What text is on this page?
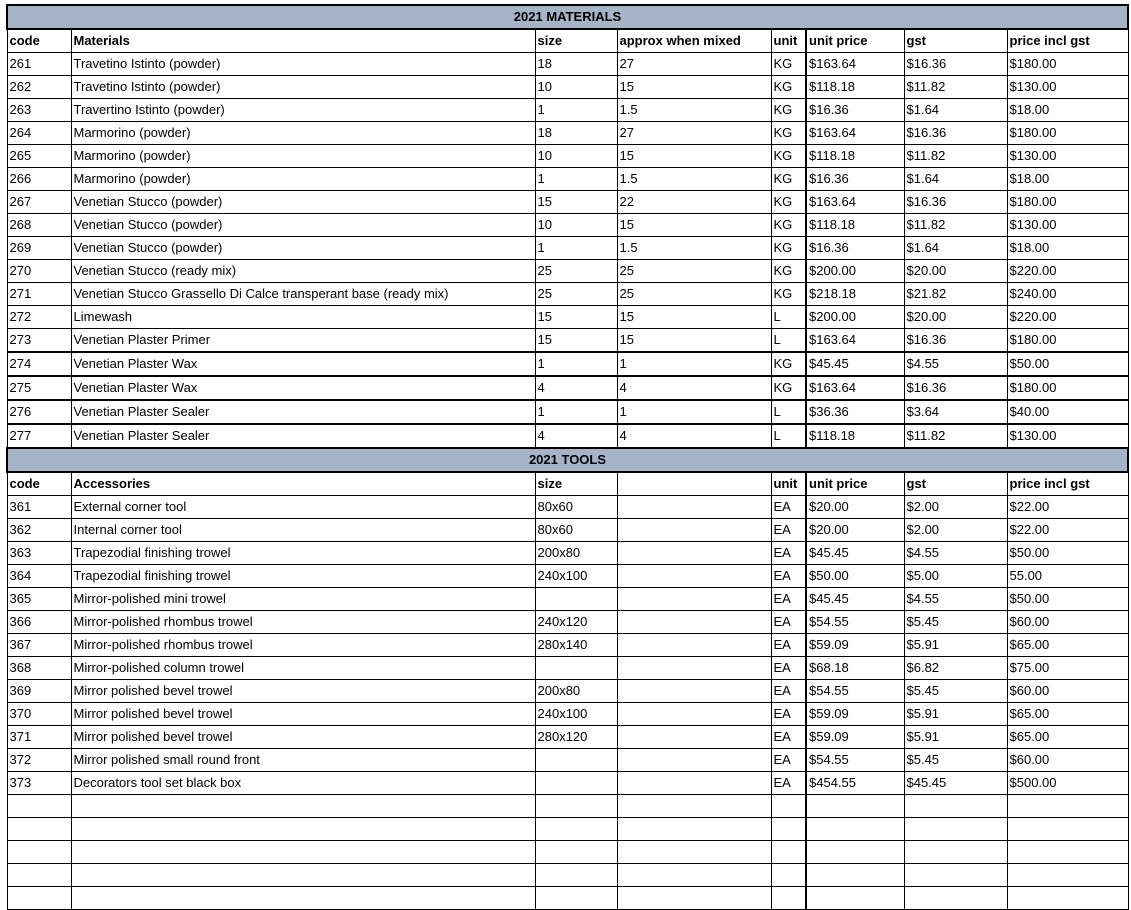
2021 MATERIALS							
code	Materials	size	approx when mixed	unit	unit price	gst	price incl gst
261	Travetino Istinto (powder)	18	27	KG	$163.64	$16.36	$180.00
262	Travetino Istinto (powder)	10	15	KG	$118.18	$11.82	$130.00
263	Travertino Istinto (powder)	1	1.5	KG	$16.36	$1.64	$18.00
264	Marmorino (powder)	18	27	KG	$163.64	$16.36	$180.00
265	Marmorino (powder)	10	15	KG	$118.18	$11.82	$130.00
266	Marmorino (powder)	1	1.5	KG	$16.36	$1.64	$18.00
267	Venetian Stucco (powder)	15	22	KG	$163.64	$16.36	$180.00
268	Venetian Stucco (powder)	10	15	KG	$118.18	$11.82	$130.00
269	Venetian Stucco (powder)	1	1.5	KG	$16.36	$1.64	$18.00
270	Venetian Stucco (ready mix)	25	25	KG	$200.00	$20.00	$220.00
271	Venetian Stucco Grassello Di Calce transperant base (ready mix)	25	25	KG	$218.18	$21.82	$240.00
272	Limewash	15	15	L	$200.00	$20.00	$220.00
273	Venetian Plaster Primer	15	15	L	$163.64	$16.36	$180.00
274	Venetian Plaster Wax	1	1	KG	$45.45	$4.55	$50.00
275	Venetian Plaster Wax	4	4	KG	$163.64	$16.36	$180.00
276	Venetian Plaster Sealer	1	1	L	$36.36	$3.64	$40.00
277	Venetian Plaster Sealer	4	4	L	$118.18	$11.82	$130.00
2021 TOOLS							
code	Accessories	size		unit	unit price	gst	price incl gst
361	External corner tool	80x60		EA	$20.00	$2.00	$22.00
362	Internal corner tool	80x60		EA	$20.00	$2.00	$22.00
363	Trapezodial finishing trowel	200x80		EA	$45.45	$4.55	$50.00
364	Trapezodial finishing trowel	240x100		EA	$50.00	$5.00	55.00
365	Mirror-polished mini trowel			EA	$45.45	$4.55	$50.00
366	Mirror-polished rhombus trowel	240x120		EA	$54.55	$5.45	$60.00
367	Mirror-polished rhombus trowel	280x140		EA	$59.09	$5.91	$65.00
368	Mirror-polished column trowel			EA	$68.18	$6.82	$75.00
369	Mirror polished bevel trowel	200x80		EA	$54.55	$5.45	$60.00
370	Mirror polished bevel trowel	240x100		EA	$59.09	$5.91	$65.00
371	Mirror polished bevel trowel	280x120		EA	$59.09	$5.91	$65.00
372	Mirror polished small round front			EA	$54.55	$5.45	$60.00
373	Decorators tool set black box			EA	$454.55	$45.45	$500.00
